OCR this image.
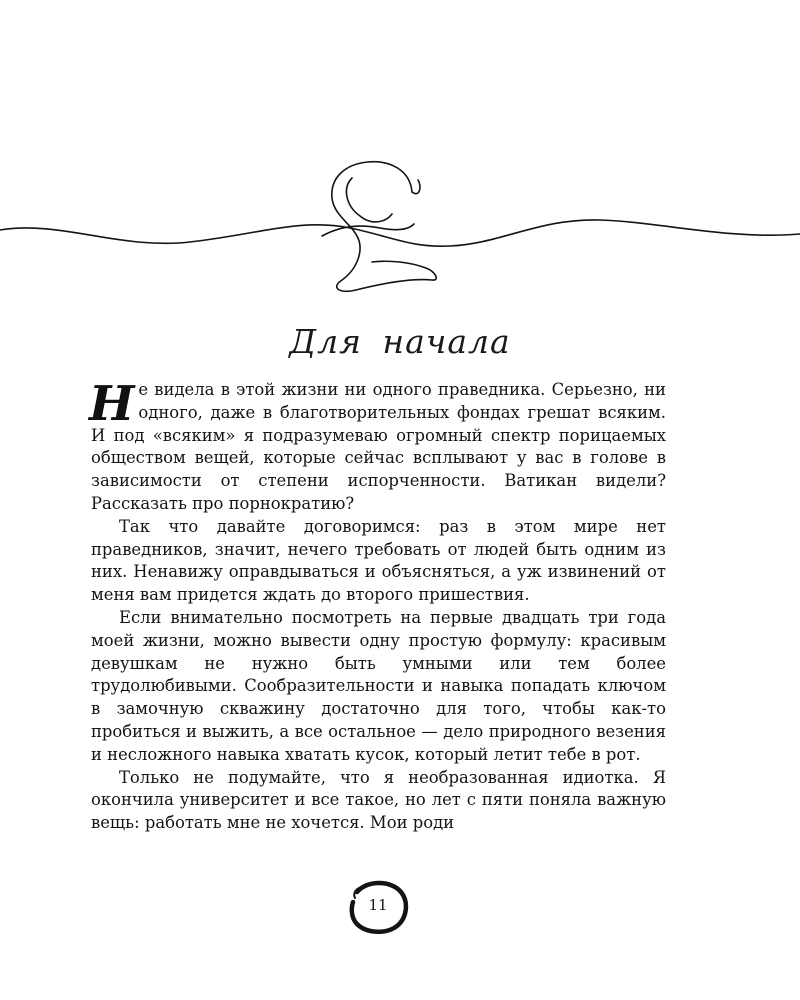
Для начала

Не видела в этой жизни ни одного праведника. Серьезно, ни одного, даже в благотворительных фондах грешат всяким. И под «всяким» я подразумеваю огромный спектр порицаемых обществом вещей, которые сейчас всплывают у вас в голове в зависимости от степени испорченности. Ватикан видели? Рассказать про порнократию?

Так что давайте договоримся: раз в этом мире нет праведников, значит, нечего требовать от людей быть одним из них. Ненавижу оправдываться и объясняться, а уж извинений от меня вам придется ждать до второго пришествия.

Если внимательно посмотреть на первые двадцать три года моей жизни, можно вывести одну простую формулу: красивым девушкам не нужно быть умными или тем более трудолюбивыми. Сообразительности и навыка попадать ключом в замочную скважину достаточно для того, чтобы как-то пробиться и выжить, а все остальное — дело природного везения и несложного навыка хватать кусок, который летит тебе в рот.

Только не подумайте, что я необразованная идиотка. Я окончила университет и все такое, но лет с пяти поняла важную вещь: работать мне не хочется. Мои роди

11
